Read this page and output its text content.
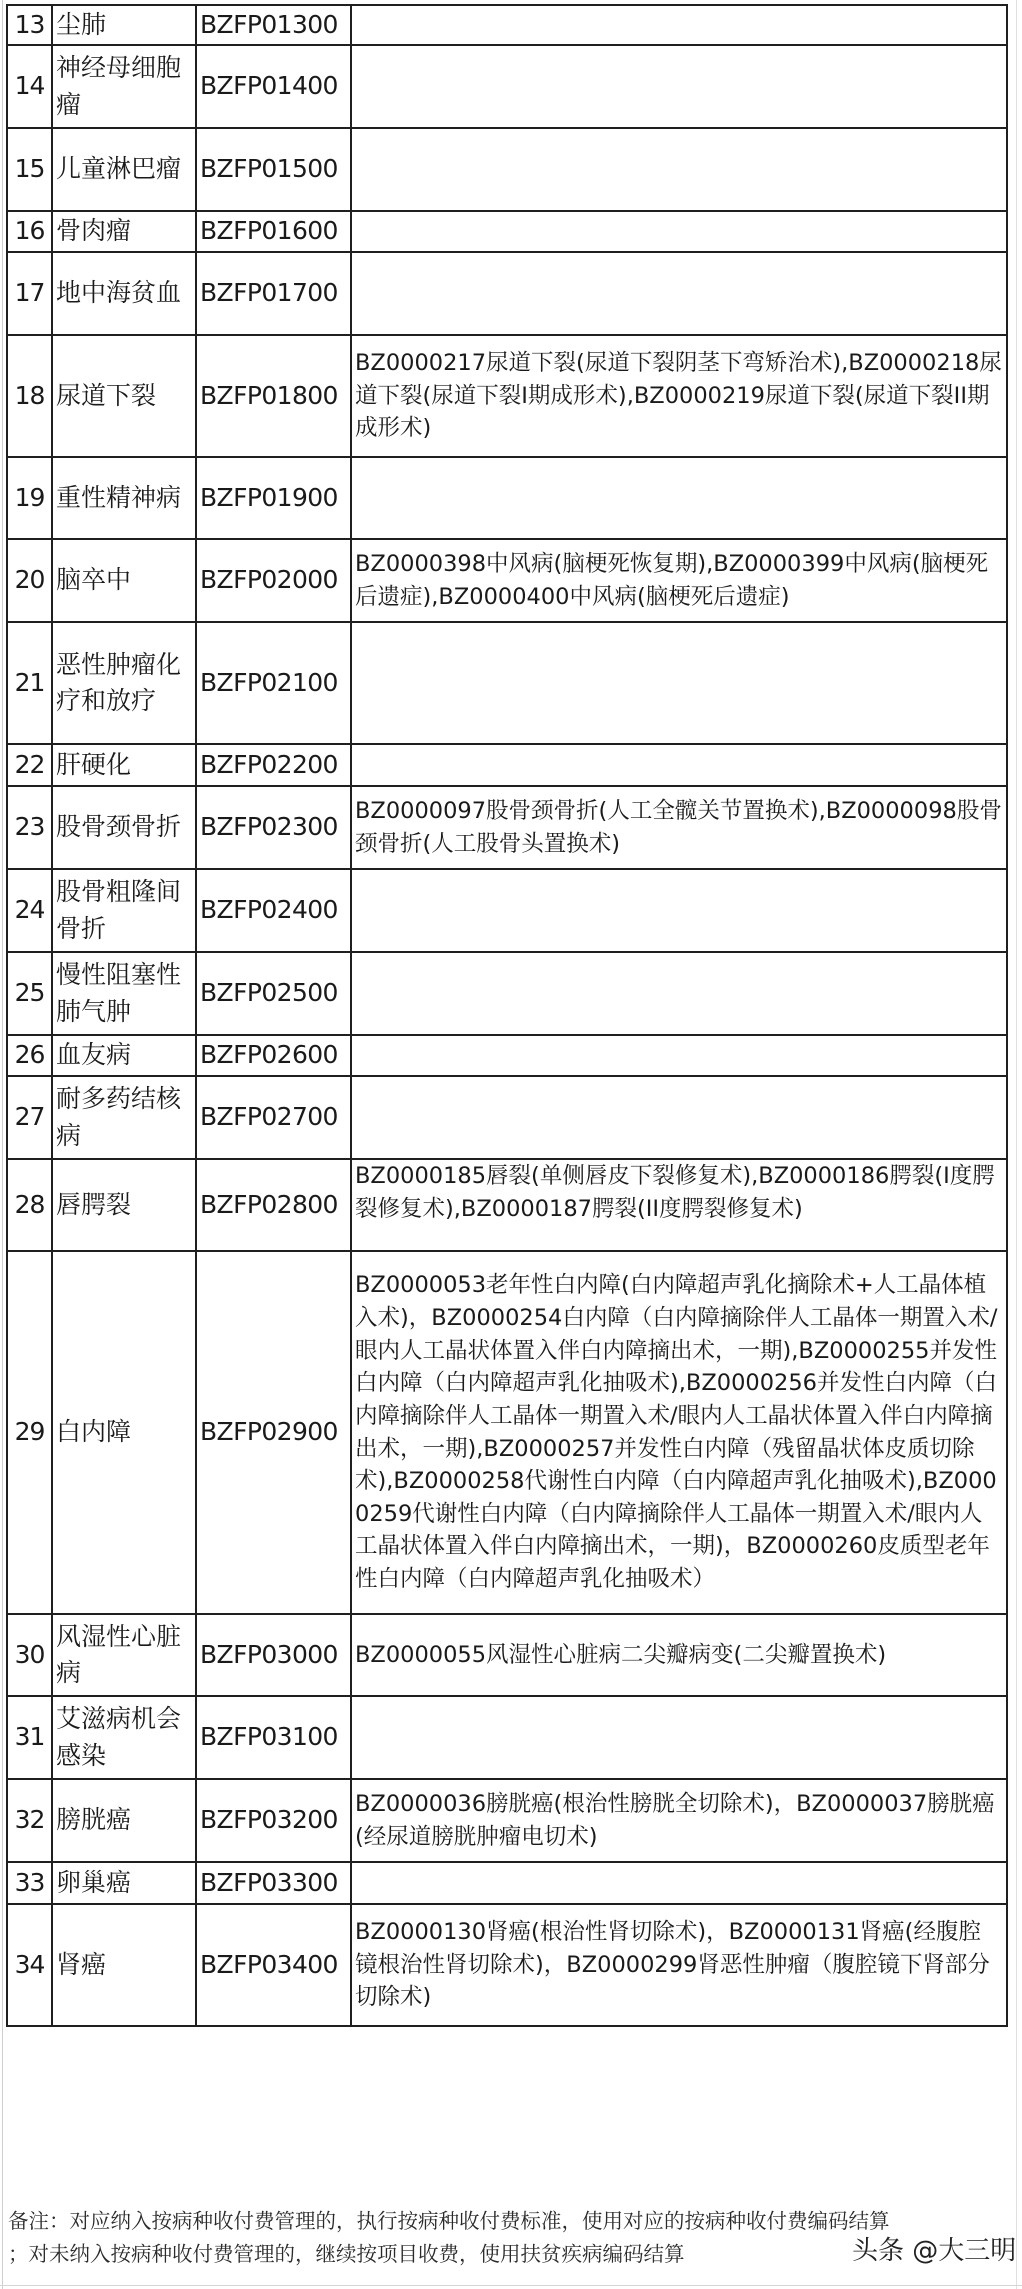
13	尘肺	BZFP01300	
14	神经母细胞瘤	BZFP01400	
15	儿童淋巴瘤	BZFP01500	
16	骨肉瘤	BZFP01600	
17	地中海贫血	BZFP01700	
18	尿道下裂	BZFP01800	BZ0000217尿道下裂(尿道下裂阴茎下弯矫治术),BZ0000218尿道下裂(尿道下裂I期成形术),BZ0000219尿道下裂(尿道下裂II期成形术)
19	重性精神病	BZFP01900	
20	脑卒中	BZFP02000	BZ0000398中风病(脑梗死恢复期),BZ0000399中风病(脑梗死后遗症),BZ0000400中风病(脑梗死后遗症)
21	恶性肿瘤化疗和放疗	BZFP02100	
22	肝硬化	BZFP02200	
23	股骨颈骨折	BZFP02300	BZ0000097股骨颈骨折(人工全髋关节置换术),BZ0000098股骨颈骨折(人工股骨头置换术)
24	股骨粗隆间骨折	BZFP02400	
25	慢性阻塞性肺气肿	BZFP02500	
26	血友病	BZFP02600	
27	耐多药结核病	BZFP02700	
28	唇腭裂	BZFP02800	BZ0000185唇裂(单侧唇皮下裂修复术),BZ0000186腭裂(I度腭裂修复术),BZ0000187腭裂(II度腭裂修复术)
29	白内障	BZFP02900	BZ0000053老年性白内障(白内障超声乳化摘除术+人工晶体植入术)，BZ0000254白内障（白内障摘除伴人工晶体一期置入术/眼内人工晶状体置入伴白内障摘出术，一期),BZ0000255并发性白内障（白内障超声乳化抽吸术),BZ0000256并发性白内障（白内障摘除伴人工晶体一期置入术/眼内人工晶状体置入伴白内障摘出术，一期),BZ0000257并发性白内障（残留晶状体皮质切除术),BZ0000258代谢性白内障（白内障超声乳化抽吸术),BZ0000259代谢性白内障（白内障摘除伴人工晶体一期置入术/眼内人工晶状体置入伴白内障摘出术，一期)，BZ0000260皮质型老年性白内障（白内障超声乳化抽吸术）
30	风湿性心脏病	BZFP03000	BZ0000055风湿性心脏病二尖瓣病变(二尖瓣置换术)
31	艾滋病机会感染	BZFP03100	
32	膀胱癌	BZFP03200	BZ0000036膀胱癌(根治性膀胱全切除术)，BZ0000037膀胱癌(经尿道膀胱肿瘤电切术)
33	卵巢癌	BZFP03300	
34	肾癌	BZFP03400	BZ0000130肾癌(根治性肾切除术)，BZ0000131肾癌(经腹腔镜根治性肾切除术)，BZ0000299肾恶性肿瘤（腹腔镜下肾部分切除术)
备注：对应纳入按病种收付费管理的，执行按病种收付费标准，使用对应的按病种收付费编码结算
；对未纳入按病种收付费管理的，继续按项目收费，使用扶贫疾病编码结算	头条 @大三明
